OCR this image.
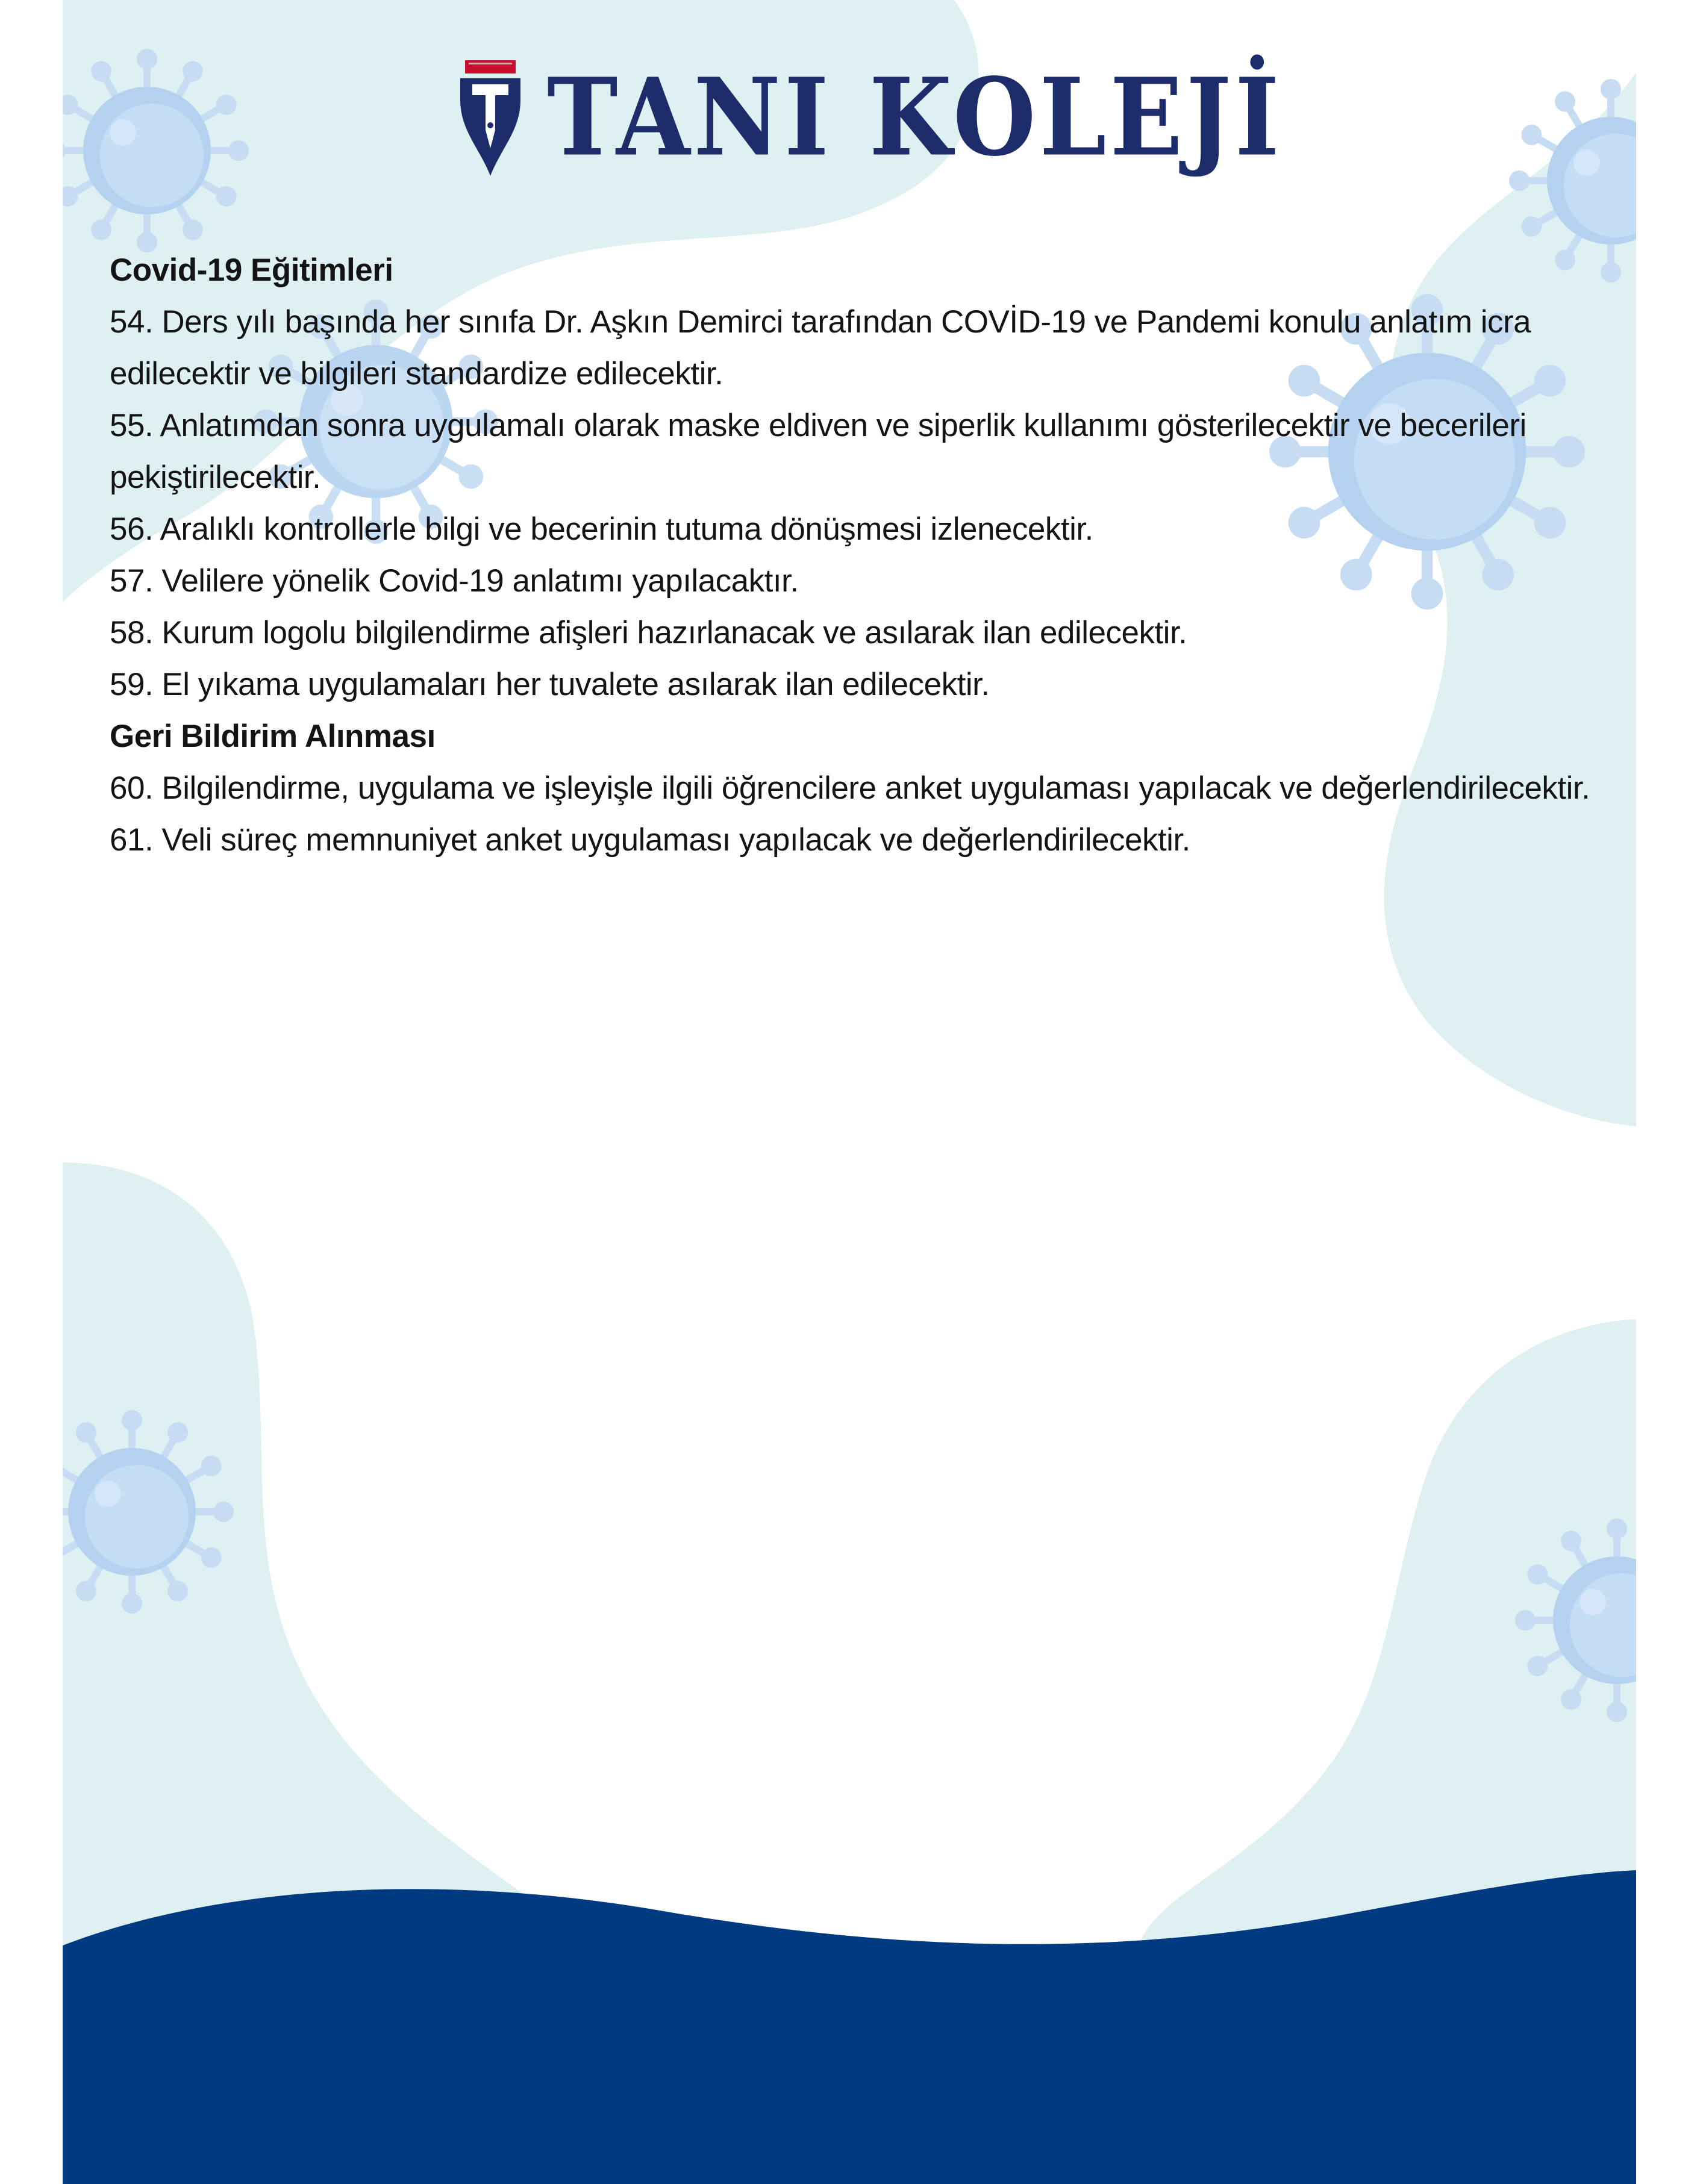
TANI KOLEJİ
Covid-19 Eğitimleri
54. Ders yılı başında her sınıfa Dr. Aşkın Demirci tarafından COVİD-19 ve Pandemi konulu anlatım icra
edilecektir ve bilgileri standardize edilecektir.
55. Anlatımdan sonra uygulamalı olarak maske eldiven ve siperlik kullanımı gösterilecektir ve becerileri
pekiştirilecektir.
56. Aralıklı kontrollerle bilgi ve becerinin tutuma dönüşmesi izlenecektir.
57. Velilere yönelik Covid-19 anlatımı yapılacaktır.
58. Kurum logolu bilgilendirme afişleri hazırlanacak ve asılarak ilan edilecektir.
59. El yıkama uygulamaları her tuvalete asılarak ilan edilecektir.
Geri Bildirim Alınması
60. Bilgilendirme, uygulama ve işleyişle ilgili öğrencilere anket uygulaması yapılacak ve değerlendirilecektir.
61. Veli süreç memnuniyet anket uygulaması yapılacak ve değerlendirilecektir.
